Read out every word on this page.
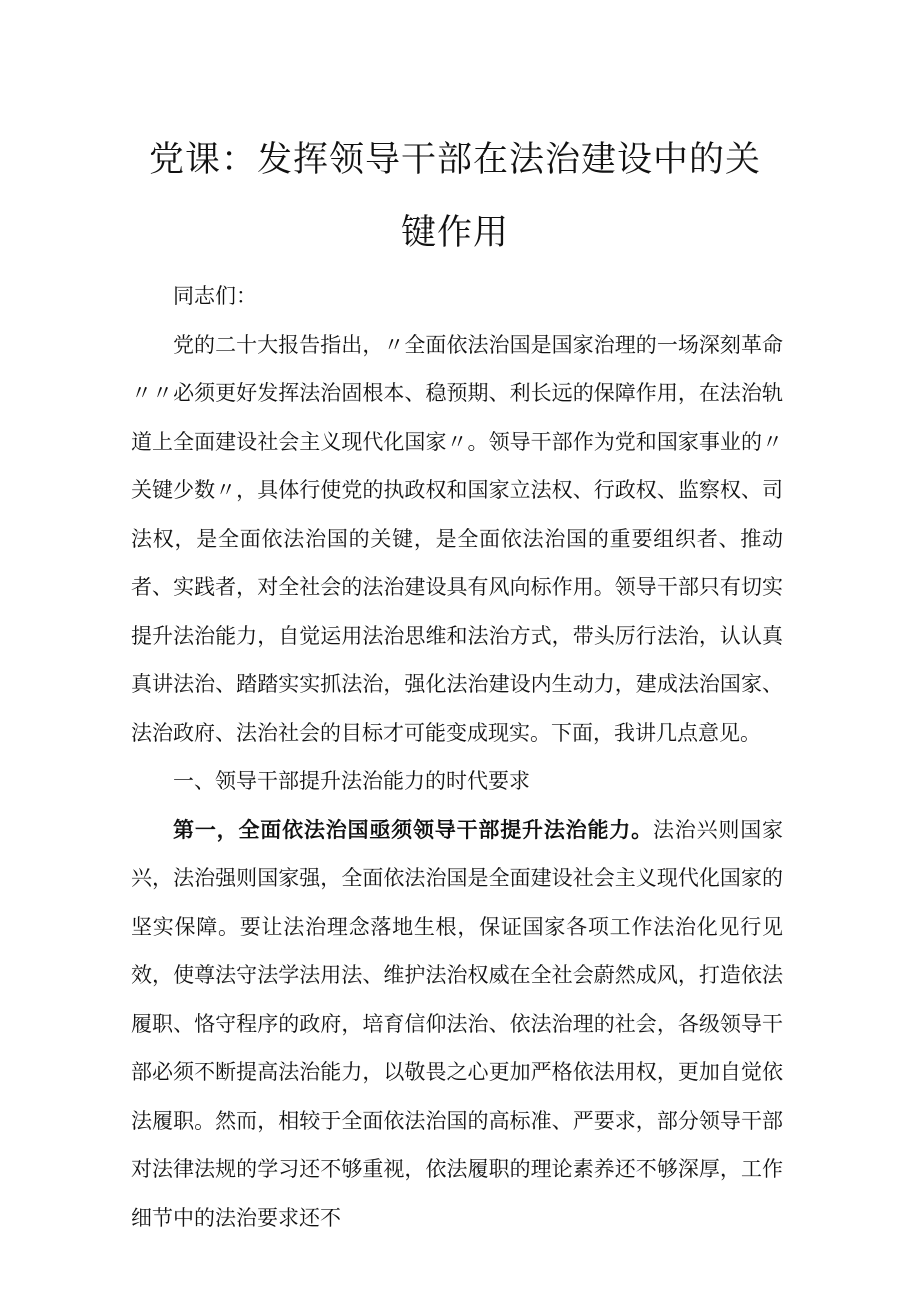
党课：发挥领导干部在法治建设中的关
键作用

同志们：

党的二十大报告指出，〃全面依法治国是国家治理的一场深刻革命〃〃必须更好发挥法治固根本、稳预期、利长远的保障作用，在法治轨道上全面建设社会主义现代化国家〃。领导干部作为党和国家事业的〃关键少数〃，具体行使党的执政权和国家立法权、行政权、监察权、司法权，是全面依法治国的关键，是全面依法治国的重要组织者、推动者、实践者，对全社会的法治建设具有风向标作用。领导干部只有切实提升法治能力，自觉运用法治思维和法治方式，带头厉行法治，认认真真讲法治、踏踏实实抓法治，强化法治建设内生动力，建成法治国家、法治政府、法治社会的目标才可能变成现实。下面，我讲几点意见。

一、领导干部提升法治能力的时代要求

第一，全面依法治国亟须领导干部提升法治能力。法治兴则国家兴，法治强则国家强，全面依法治国是全面建设社会主义现代化国家的坚实保障。要让法治理念落地生根，保证国家各项工作法治化见行见效，使尊法守法学法用法、维护法治权威在全社会蔚然成风，打造依法履职、恪守程序的政府，培育信仰法治、依法治理的社会，各级领导干部必须不断提高法治能力，以敬畏之心更加严格依法用权，更加自觉依法履职。然而，相较于全面依法治国的高标准、严要求，部分领导干部对法律法规的学习还不够重视，依法履职的理论素养还不够深厚，工作细节中的法治要求还不
